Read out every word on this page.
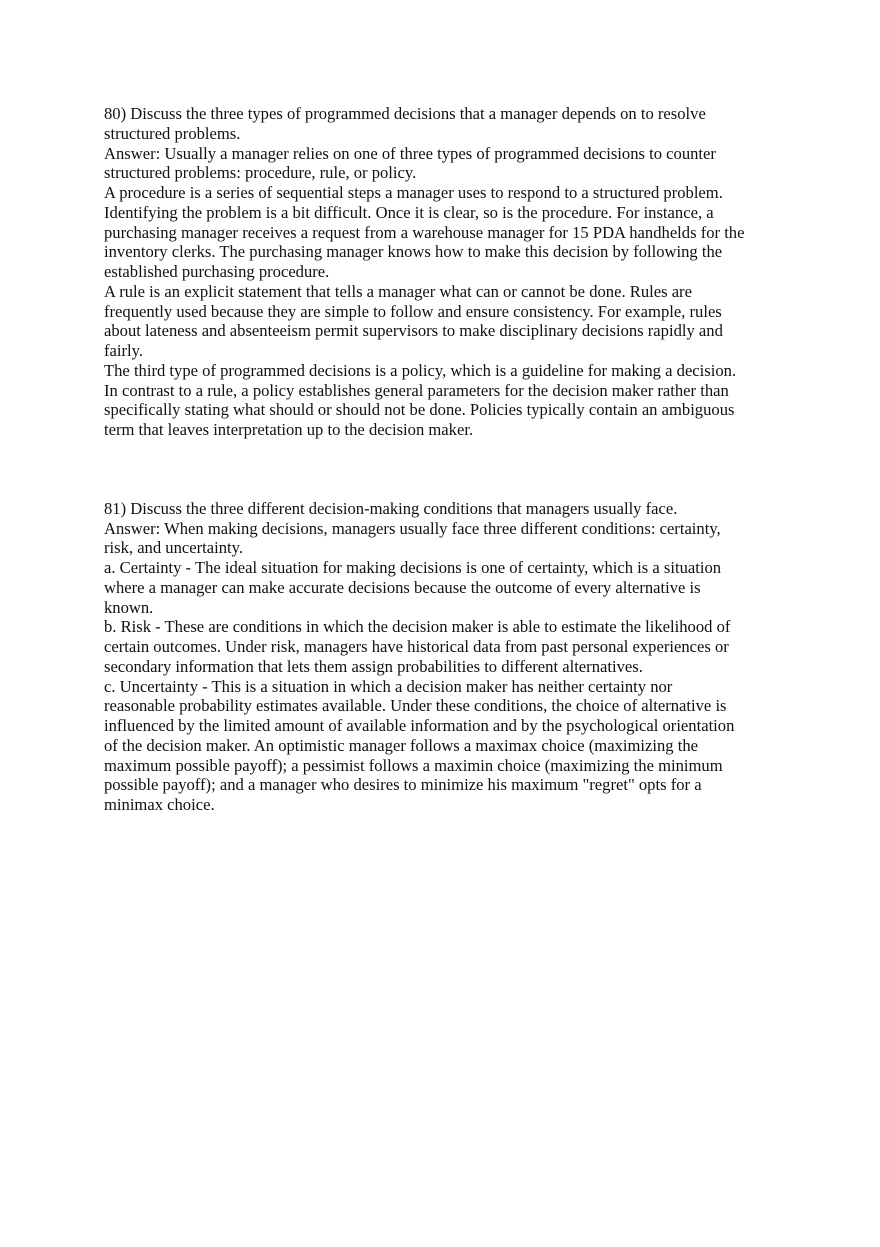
80) Discuss the three types of programmed decisions that a manager depends on to resolve
structured problems.
Answer: Usually a manager relies on one of three types of programmed decisions to counter
structured problems: procedure, rule, or policy.
A procedure is a series of sequential steps a manager uses to respond to a structured problem.
Identifying the problem is a bit difficult. Once it is clear, so is the procedure. For instance, a
purchasing manager receives a request from a warehouse manager for 15 PDA handhelds for the
inventory clerks. The purchasing manager knows how to make this decision by following the
established purchasing procedure.
A rule is an explicit statement that tells a manager what can or cannot be done. Rules are
frequently used because they are simple to follow and ensure consistency. For example, rules
about lateness and absenteeism permit supervisors to make disciplinary decisions rapidly and
fairly.
The third type of programmed decisions is a policy, which is a guideline for making a decision.
In contrast to a rule, a policy establishes general parameters for the decision maker rather than
specifically stating what should or should not be done. Policies typically contain an ambiguous
term that leaves interpretation up to the decision maker.
81) Discuss the three different decision-making conditions that managers usually face.
Answer: When making decisions, managers usually face three different conditions: certainty,
risk, and uncertainty.
a. Certainty - The ideal situation for making decisions is one of certainty, which is a situation
where a manager can make accurate decisions because the outcome of every alternative is
known.
b. Risk - These are conditions in which the decision maker is able to estimate the likelihood of
certain outcomes. Under risk, managers have historical data from past personal experiences or
secondary information that lets them assign probabilities to different alternatives.
c. Uncertainty - This is a situation in which a decision maker has neither certainty nor
reasonable probability estimates available. Under these conditions, the choice of alternative is
influenced by the limited amount of available information and by the psychological orientation
of the decision maker. An optimistic manager follows a maximax choice (maximizing the
maximum possible payoff); a pessimist follows a maximin choice (maximizing the minimum
possible payoff); and a manager who desires to minimize his maximum "regret" opts for a
minimax choice.
